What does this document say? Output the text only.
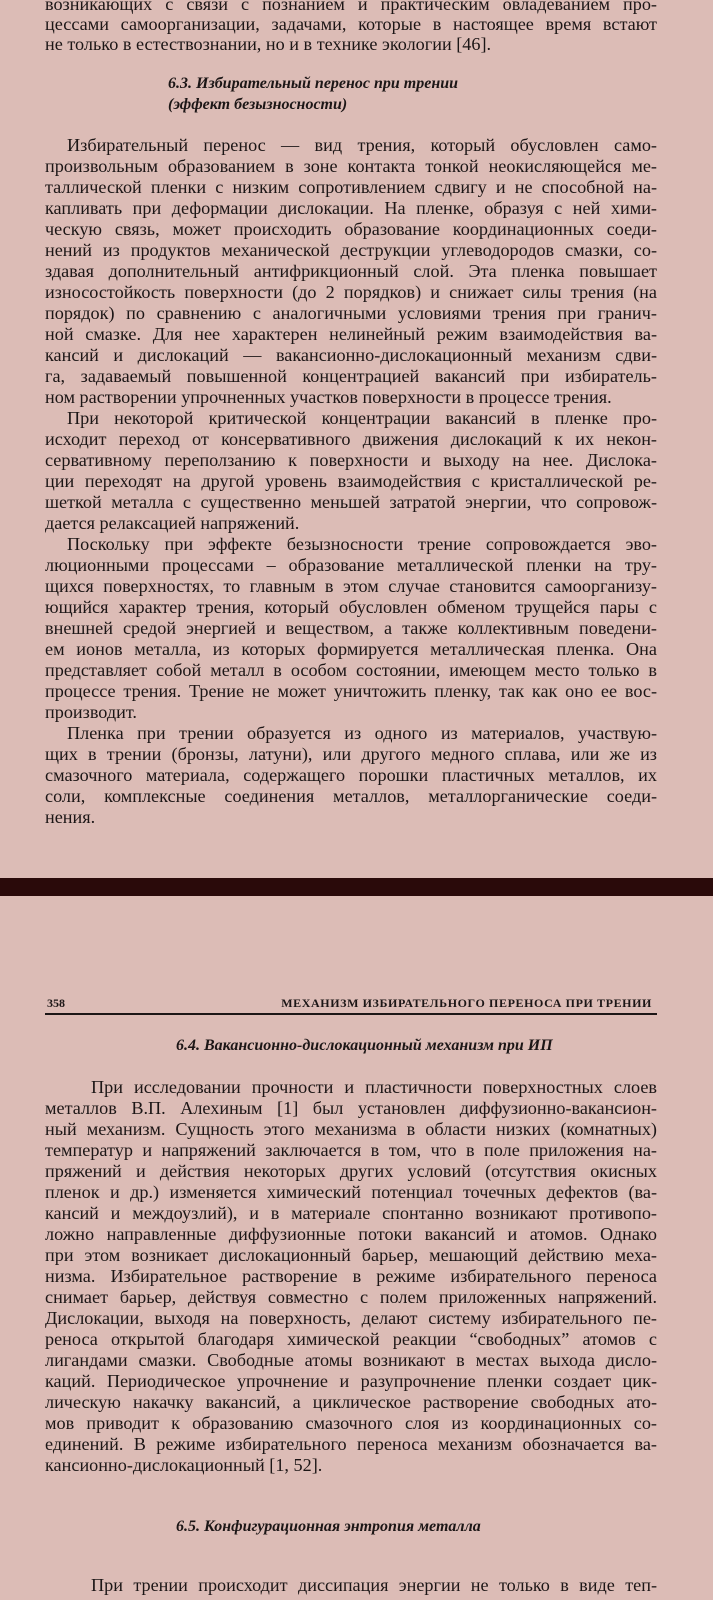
возникающих с связи с познанием и практическим овладеванием про-
цессами самоорганизации, задачами, которые в настоящее время встают
не только в естествознании, но и в технике экологии [46].
6.3. Избирательный перенос при трении
(эффект безызносности)
Избирательный перенос — вид трения, который обусловлен само-
произвольным образованием в зоне контакта тонкой неокисляющейся ме-
таллической пленки с низким сопротивлением сдвигу и не способной на-
капливать при деформации дислокации. На пленке, образуя с ней хими-
ческую связь, может происходить образование координационных соеди-
нений из продуктов механической деструкции углеводородов смазки, со-
здавая дополнительный антифрикционный слой. Эта пленка повышает
износостойкость поверхности (до 2 порядков) и снижает силы трения (на
порядок) по сравнению с аналогичными условиями трения при гранич-
ной смазке. Для нее характерен нелинейный режим взаимодействия ва-
кансий и дислокаций — вакансионно-дислокационный механизм сдви-
га, задаваемый повышенной концентрацией вакансий при избиратель-
ном растворении упрочненных участков поверхности в процессе трения.
При некоторой критической концентрации вакансий в пленке про-
исходит переход от консервативного движения дислокаций к их некон-
сервативному переползанию к поверхности и выходу на нее. Дислока-
ции переходят на другой уровень взаимодействия с кристаллической ре-
шеткой металла с существенно меньшей затратой энергии, что сопровож-
дается релаксацией напряжений.
Поскольку при эффекте безызносности трение сопровождается эво-
люционными процессами – образование металлической пленки на тру-
щихся поверхностях, то главным в этом случае становится самоорганизу-
ющийся характер трения, который обусловлен обменом трущейся пары с
внешней средой энергией и веществом, а также коллективным поведени-
ем ионов металла, из которых формируется металлическая пленка. Она
представляет собой металл в особом состоянии, имеющем место только в
процессе трения. Трение не может уничтожить пленку, так как оно ее вос-
производит.
Пленка при трении образуется из одного из материалов, участвую-
щих в трении (бронзы, латуни), или другого медного сплава, или же из
смазочного материала, содержащего порошки пластичных металлов, их
соли, комплексные соединения металлов, металлорганические соеди-
нения.
358	МЕХАНИЗМ ИЗБИРАТЕЛЬНОГО ПЕРЕНОСА ПРИ ТРЕНИИ
6.4. Вакансионно-дислокационный механизм при ИП
При исследовании прочности и пластичности поверхностных слоев
металлов В.П. Алехиным [1] был установлен диффузионно-вакансион-
ный механизм. Сущность этого механизма в области низких (комнатных)
температур и напряжений заключается в том, что в поле приложения на-
пряжений и действия некоторых других условий (отсутствия окисных
пленок и др.) изменяется химический потенциал точечных дефектов (ва-
кансий и междоузлий), и в материале спонтанно возникают противопо-
ложно направленные диффузионные потоки вакансий и атомов. Однако
при этом возникает дислокационный барьер, мешающий действию меха-
низма. Избирательное растворение в режиме избирательного переноса
снимает барьер, действуя совместно с полем приложенных напряжений.
Дислокации, выходя на поверхность, делают систему избирательного пе-
реноса открытой благодаря химической реакции “свободных” атомов с
лигандами смазки. Свободные атомы возникают в местах выхода дисло-
каций. Периодическое упрочнение и разупрочнение пленки создает цик-
лическую накачку вакансий, а циклическое растворение свободных ато-
мов приводит к образованию смазочного слоя из координационных со-
единений. В режиме избирательного переноса механизм обозначается ва-
кансионно-дислокационный [1, 52].
6.5. Конфигурационная энтропия металла
При трении происходит диссипация энергии не только в виде теп-
